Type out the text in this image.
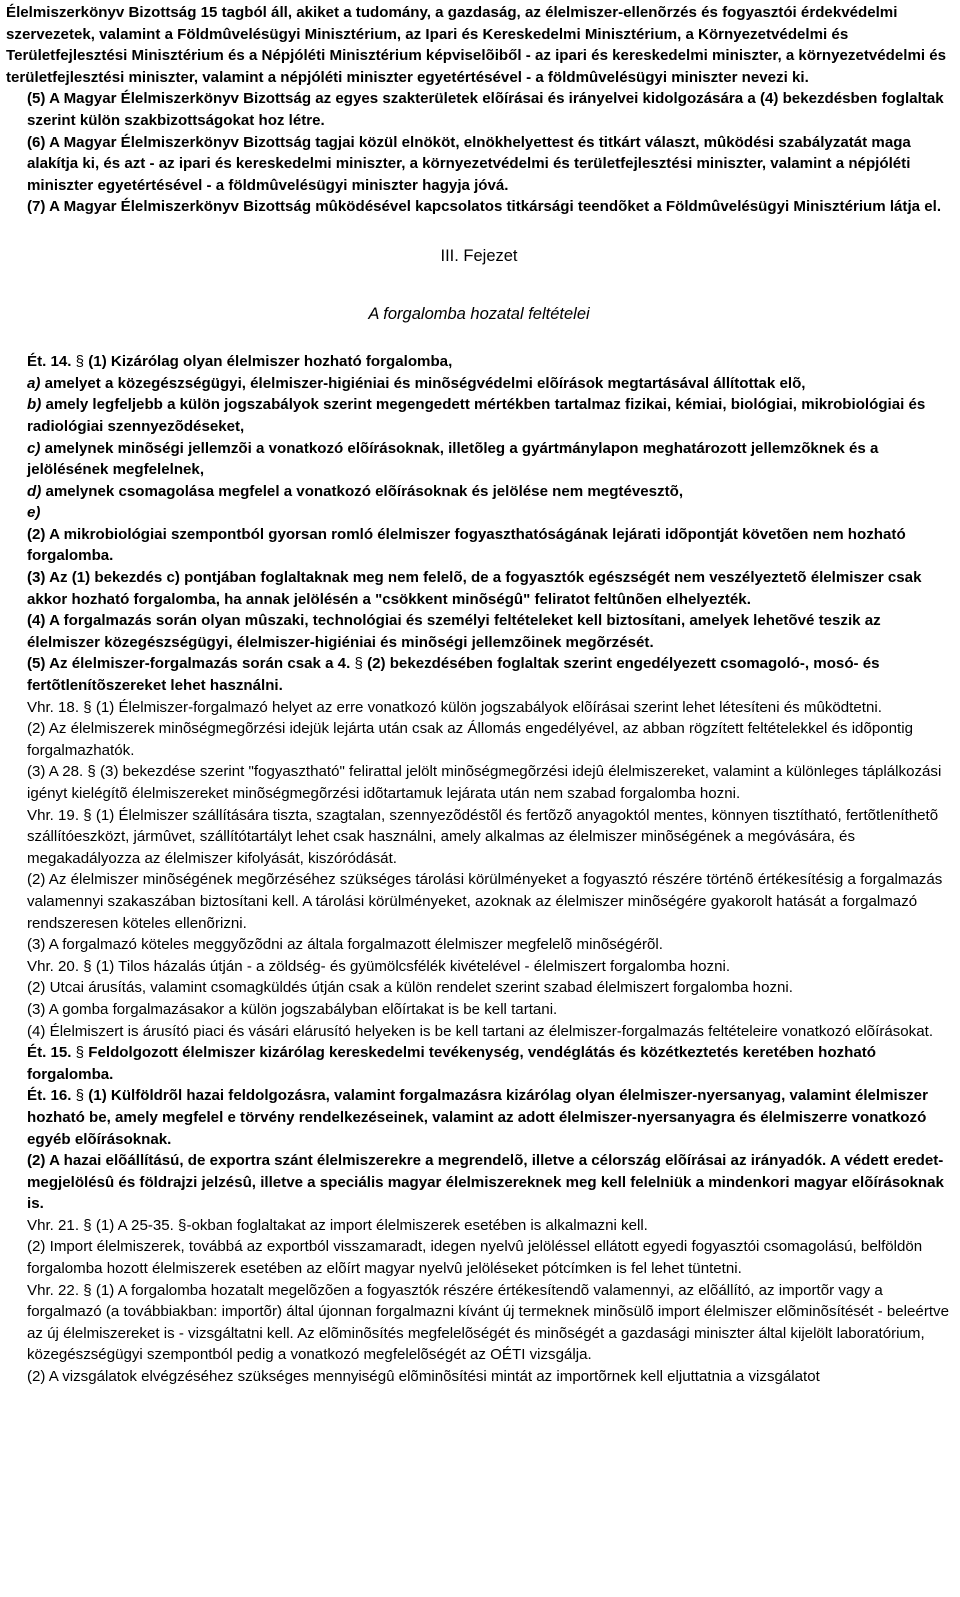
Élelmiszerkönyv Bizottság 15 tagból áll, akiket a tudomány, a gazdaság, az élelmiszer-ellenõrzés és fogyasztói érdekvédelmi szervezetek, valamint a Földmûvelésügyi Minisztérium, az Ipari és Kereskedelmi Minisztérium, a Környezetvédelmi és Területfejlesztési Minisztérium és a Népjóléti Minisztérium képviselõiből - az ipari és kereskedelmi miniszter, a környezetvédelmi és területfejlesztési miniszter, valamint a népjóléti miniszter egyetértésével - a földmûvelésügyi miniszter nevezi ki.

(5) A Magyar Élelmiszerkönyv Bizottság az egyes szakterületek elõírásai és irányelvei kidolgozására a (4) bekezdésben foglaltak szerint külön szakbizottságokat hoz létre.

(6) A Magyar Élelmiszerkönyv Bizottság tagjai közül elnököt, elnökhelyettest és titkárt választ, mûködési szabályzatát maga alakítja ki, és azt - az ipari és kereskedelmi miniszter, a környezetvédelmi és területfejlesztési miniszter, valamint a népjóléti miniszter egyetértésével - a földmûvelésügyi miniszter hagyja jóvá.

(7) A Magyar Élelmiszerkönyv Bizottság mûködésével kapcsolatos titkársági teendõket a Földmûvelésügyi Minisztérium látja el.

III. Fejezet
A forgalomba hozatal feltételei

Ét. 14. § (1) Kizárólag olyan élelmiszer hozható forgalomba,

a) amelyet a közegészségügyi, élelmiszer-higiéniai és minõségvédelmi elõírások megtartásával állítottak elõ,

b) amely legfeljebb a külön jogszabályok szerint megengedett mértékben tartalmaz fizikai, kémiai, biológiai, mikrobiológiai és radiológiai szennyezõdéseket,

c) amelynek minõségi jellemzõi a vonatkozó elõírásoknak, illetõleg a gyártmánylapon meghatározott jellemzõknek és a jelölésének megfelelnek,

d) amelynek csomagolása megfelel a vonatkozó elõírásoknak és jelölése nem megtévesztõ,

e)

(2) A mikrobiológiai szempontból gyorsan romló élelmiszer fogyaszthatóságának lejárati idõpontját követõen nem hozható forgalomba.

(3) Az (1) bekezdés c) pontjában foglaltaknak meg nem felelõ, de a fogyasztók egészségét nem veszélyeztetõ élelmiszer csak akkor hozható forgalomba, ha annak jelölésén a "csökkent minõségû" feliratot feltûnõen elhelyezték.

(4) A forgalmazás során olyan mûszaki, technológiai és személyi feltételeket kell biztosítani, amelyek lehetõvé teszik az élelmiszer közegészségügyi, élelmiszer-higiéniai és minõségi jellemzõinek megõrzését.

(5) Az élelmiszer-forgalmazás során csak a 4. § (2) bekezdésében foglaltak szerint engedélyezett csomagoló-, mosó- és fertõtlenítõszereket lehet használni.

Vhr. 18. § (1) Élelmiszer-forgalmazó helyet az erre vonatkozó külön jogszabályok elõírásai szerint lehet létesíteni és mûködtetni.

(2) Az élelmiszerek minõségmegõrzési idejük lejárta után csak az Állomás engedélyével, az abban rögzített feltételekkel és idõpontig forgalmazhatók.

(3) A 28. § (3) bekezdése szerint "fogyasztható" felirattal jelölt minõségmegõrzési idejû élelmiszereket, valamint a különleges táplálkozási igényt kielégítõ élelmiszereket minõségmegõrzési idõtartamuk lejárata után nem szabad forgalomba hozni.

Vhr. 19. § (1) Élelmiszer szállítására tiszta, szagtalan, szennyezõdéstõl és fertõzõ anyagoktól mentes, könnyen tisztítható, fertõtleníthetõ szállítóeszközt, jármûvet, szállítótartályt lehet csak használni, amely alkalmas az élelmiszer minõségének a megóvására, és megakadályozza az élelmiszer kifolyását, kiszóródását.

(2) Az élelmiszer minõségének megõrzéséhez szükséges tárolási körülményeket a fogyasztó részére történõ értékesítésig a forgalmazás valamennyi szakaszában biztosítani kell. A tárolási körülményeket, azoknak az élelmiszer minõségére gyakorolt hatását a forgalmazó rendszeresen köteles ellenõrizni.

(3) A forgalmazó köteles meggyõzõdni az általa forgalmazott élelmiszer megfelelõ minõségérõl.

Vhr. 20. § (1) Tilos házalás útján - a zöldség- és gyümölcsfélék kivételével - élelmiszert forgalomba hozni.

(2) Utcai árusítás, valamint csomagküldés útján csak a külön rendelet szerint szabad élelmiszert forgalomba hozni.

(3) A gomba forgalmazásakor a külön jogszabályban elõírtakat is be kell tartani.

(4) Élelmiszert is árusító piaci és vásári elárusító helyeken is be kell tartani az élelmiszer-forgalmazás feltételeire vonatkozó elõírásokat.

Ét. 15. § Feldolgozott élelmiszer kizárólag kereskedelmi tevékenység, vendéglátás és közétkeztetés keretében hozható forgalomba.

Ét. 16. § (1) Külföldrõl hazai feldolgozásra, valamint forgalmazásra kizárólag olyan élelmiszer-nyersanyag, valamint élelmiszer hozható be, amely megfelel e törvény rendelkezéseinek, valamint az adott élelmiszer-nyersanyagra és élelmiszerre vonatkozó egyéb elõírásoknak.

(2) A hazai elõállítású, de exportra szánt élelmiszerekre a megrendelõ, illetve a célország elõírásai az irányadók. A védett eredet-megjelölésû és földrajzi jelzésû, illetve a speciális magyar élelmiszereknek meg kell felelniük a mindenkori magyar elõírásoknak is.

Vhr. 21. § (1) A 25-35. §-okban foglaltakat az import élelmiszerek esetében is alkalmazni kell.

(2) Import élelmiszerek, továbbá az exportból visszamaradt, idegen nyelvû jelöléssel ellátott egyedi fogyasztói csomagolású, belföldön forgalomba hozott élelmiszerek esetében az elõírt magyar nyelvû jelöléseket pótcímken is fel lehet tüntetni.

Vhr. 22. § (1) A forgalomba hozatalt megelõzõen a fogyasztók részére értékesítendõ valamennyi, az elõállító, az importõr vagy a forgalmazó (a továbbiakban: importõr) által újonnan forgalmazni kívánt új termeknek minõsülõ import élelmiszer elõminõsítését - beleértve az új élelmiszereket is - vizsgáltatni kell. Az elõminõsítés megfelelõségét és minõségét a gazdasági miniszter által kijelölt laboratórium, közegészségügyi szempontból pedig a vonatkozó megfelelõségét az OÉTI vizsgálja.

(2) A vizsgálatok elvégzéséhez szükséges mennyiségû elõminõsítési mintát az importõrnek kell eljuttatnia a vizsgálatot
